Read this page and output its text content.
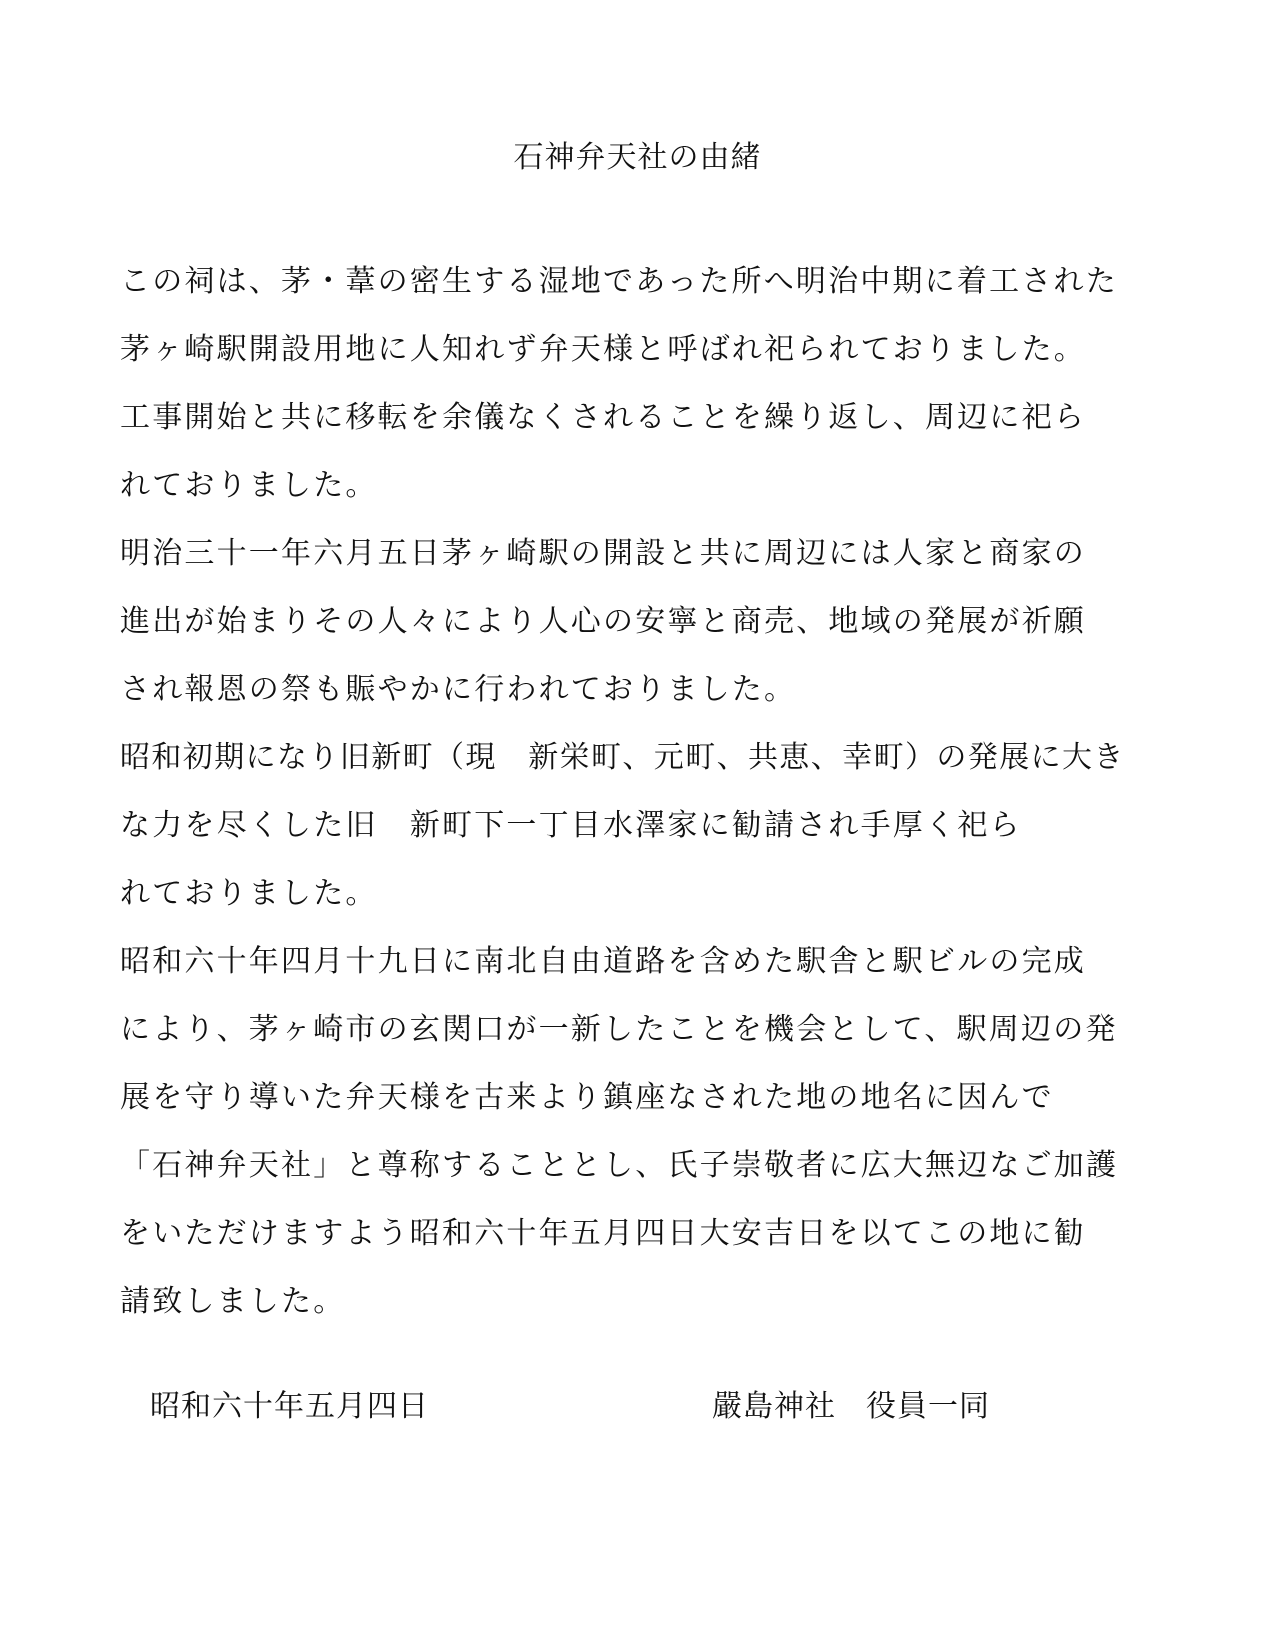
石神弁天社の由緒
この祠は、茅・葦の密生する湿地であった所へ明治中期に着工された
茅ヶ崎駅開設用地に人知れず弁天様と呼ばれ祀られておりました。
工事開始と共に移転を余儀なくされることを繰り返し、周辺に祀ら
れておりました。
明治三十一年六月五日茅ヶ崎駅の開設と共に周辺には人家と商家の
進出が始まりその人々により人心の安寧と商売、地域の発展が祈願
され報恩の祭も賑やかに行われておりました。
昭和初期になり旧新町（現　新栄町、元町、共恵、幸町）の発展に大き
な力を尽くした旧　新町下一丁目水澤家に勧請され手厚く祀ら
れておりました。
昭和六十年四月十九日に南北自由道路を含めた駅舎と駅ビルの完成
により、茅ヶ崎市の玄関口が一新したことを機会として、駅周辺の発
展を守り導いた弁天様を古来より鎮座なされた地の地名に因んで
「石神弁天社」と尊称することとし、氏子崇敬者に広大無辺なご加護
をいただけますよう昭和六十年五月四日大安吉日を以てこの地に勧
請致しました。
昭和六十年五月四日	嚴島神社 役員一同
